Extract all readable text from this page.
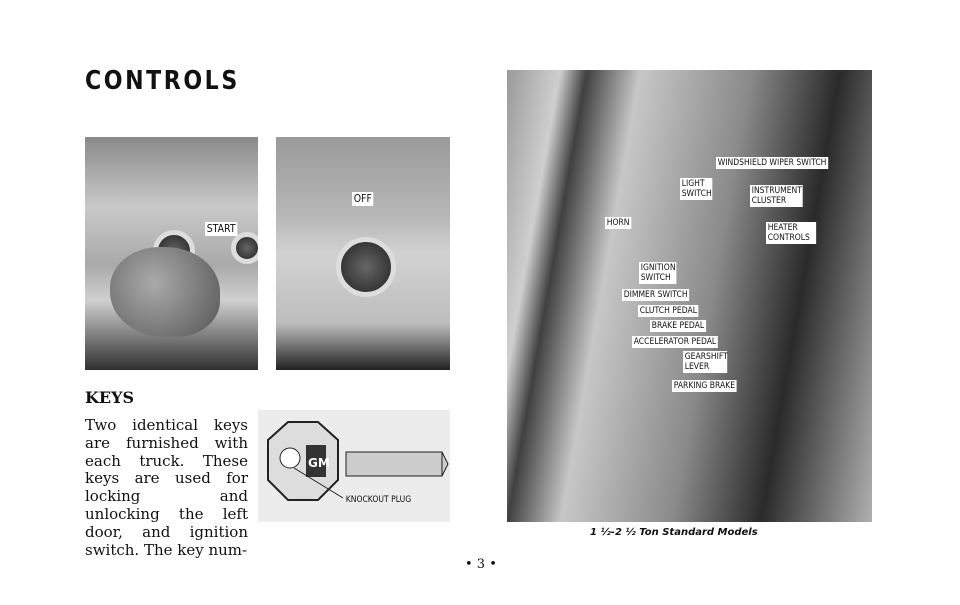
CONTROLS
START
OFF
KEYS
Two identical keys are furnished with each truck. These keys are used for locking and unlocking the left door, and ignition switch. The key num-
GM
KNOCKOUT PLUG
WINDSHIELD WIPER SWITCH
LIGHT SWITCH	INSTRUMENT CLUSTER
HORN	HEATER CONTROLS
IGNITION SWITCH
DIMMER SWITCH
CLUTCH PEDAL
BRAKE PEDAL
ACCELERATOR PEDAL
GEARSHIFT LEVER
PARKING BRAKE
1 ½-2 ½ Ton Standard Models
• 3 •
